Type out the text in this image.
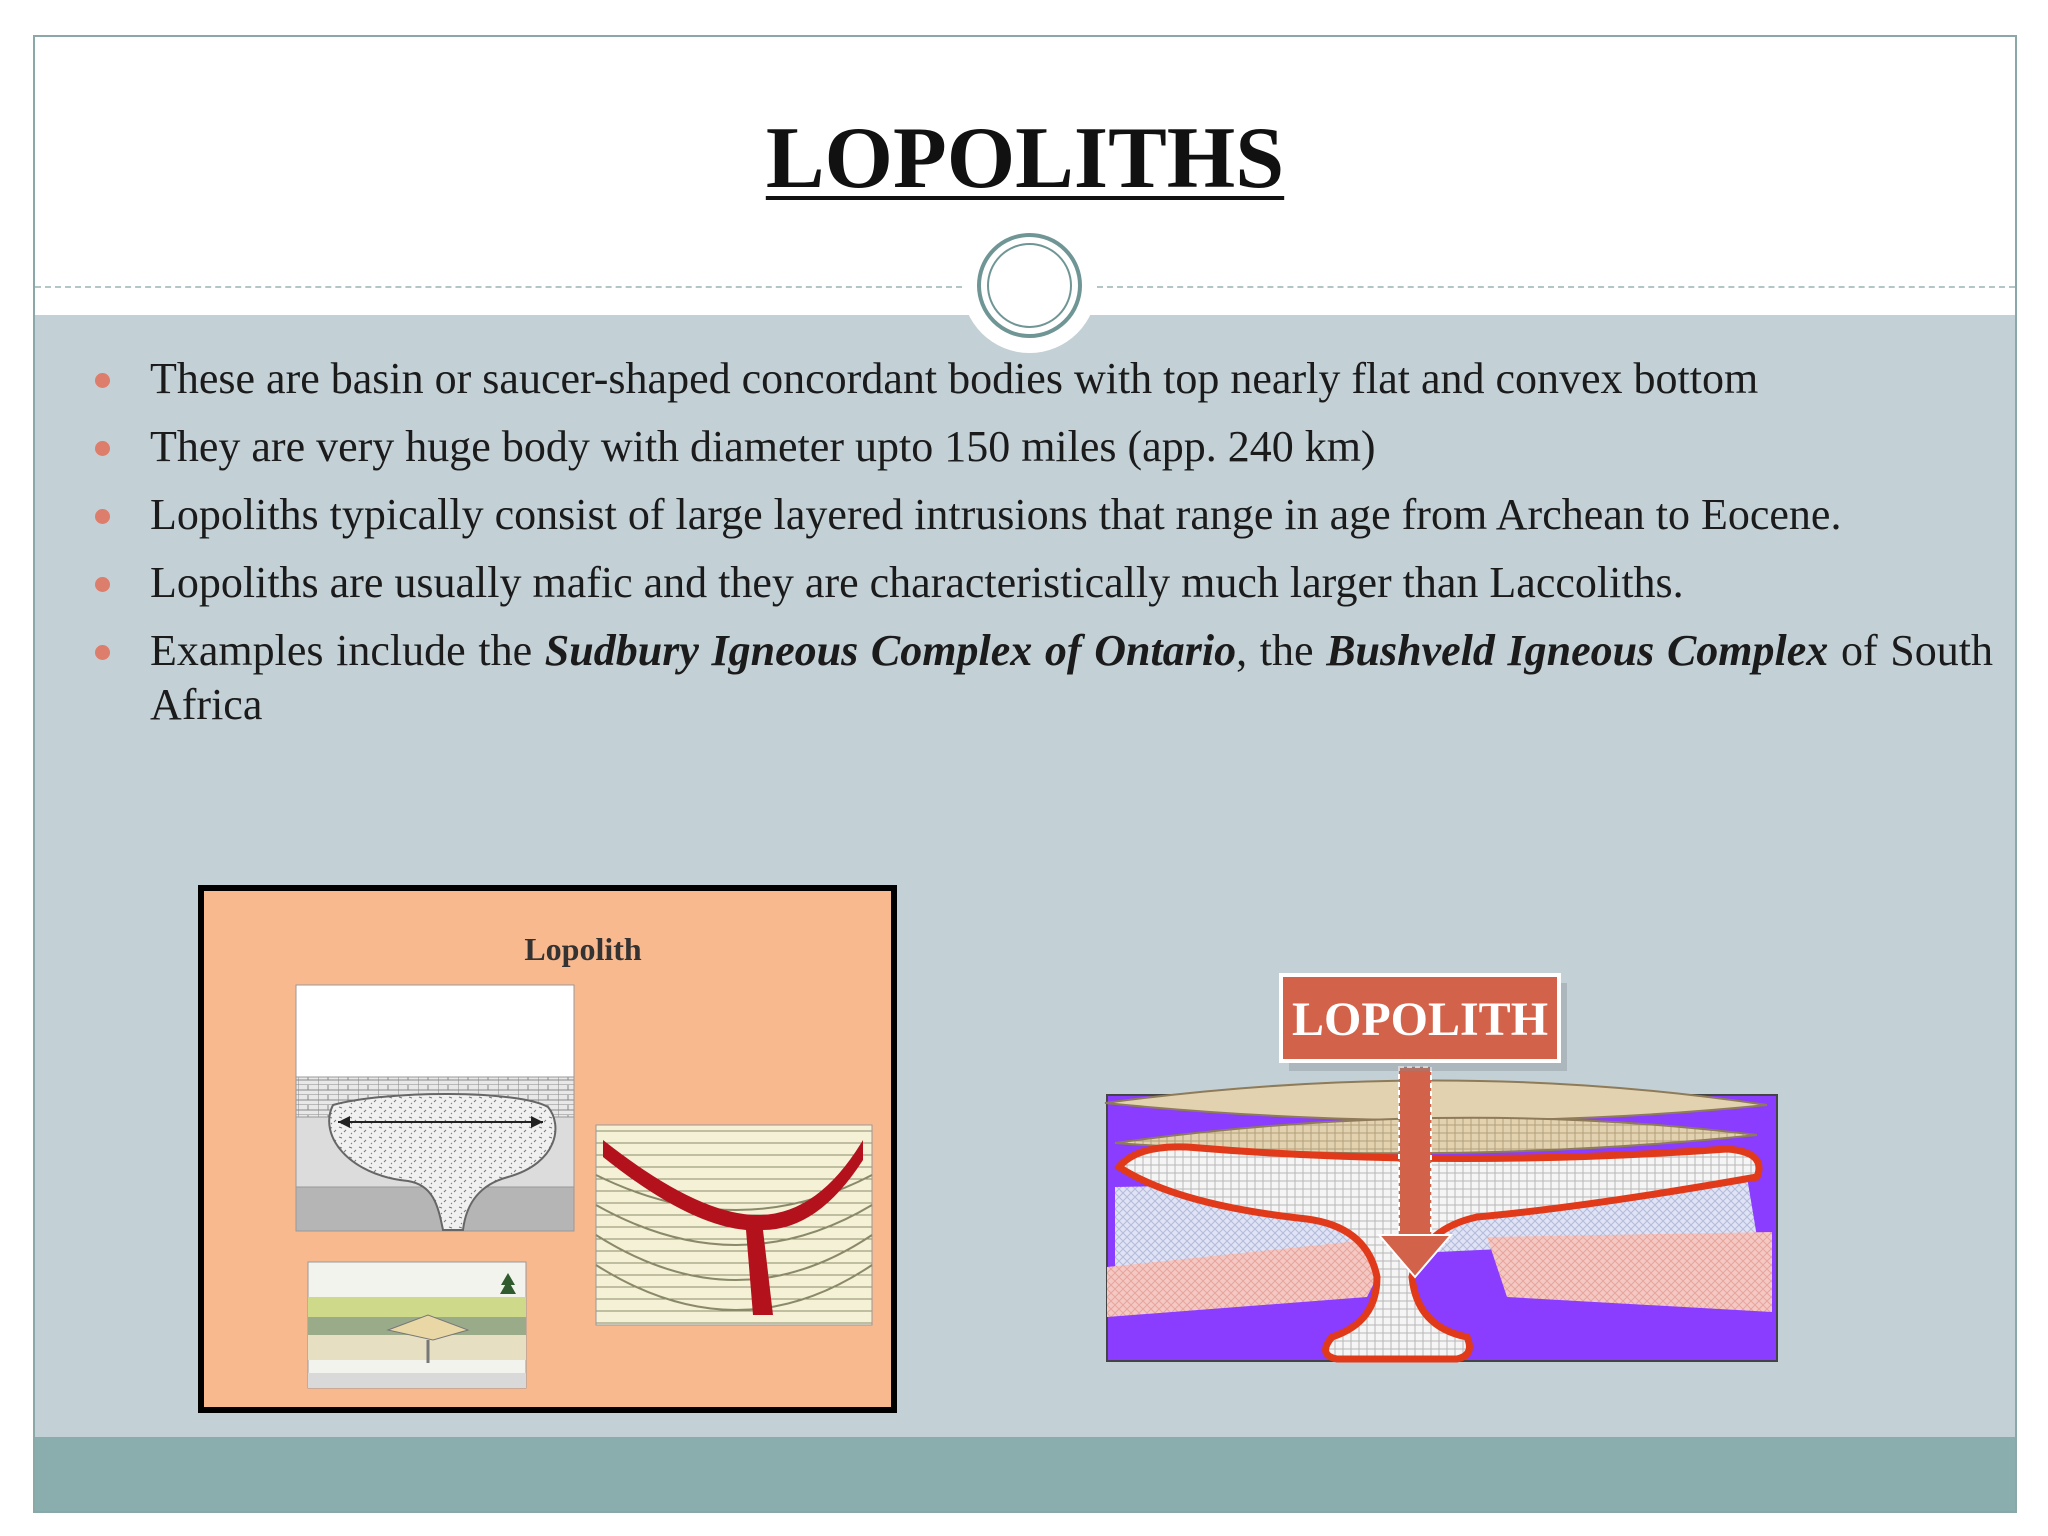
LOPOLITHS
These are basin or saucer-shaped concordant bodies with top nearly flat and convex bottom
They are very huge body with diameter upto 150 miles (app. 240 km)
Lopoliths typically consist of large layered intrusions that range in age from Archean to Eocene.
Lopoliths are usually mafic and they are characteristically much larger than Laccoliths.
Examples include the Sudbury Igneous Complex of Ontario, the Bushveld Igneous Complex of South Africa
Lopolith
LOPOLITH
